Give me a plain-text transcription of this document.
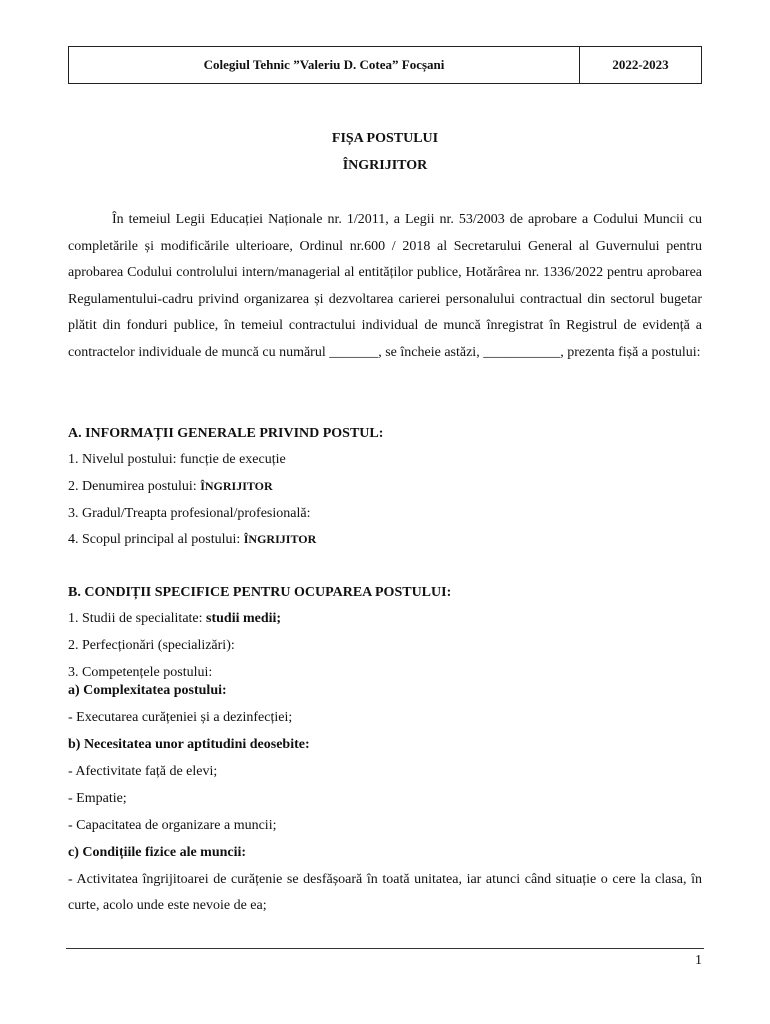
Colegiul Tehnic ”Valeriu D. Cotea” Focșani	2022-2023
FIȘA POSTULUI
ÎNGRIJITOR

În temeiul Legii Educației Naționale nr. 1/2011, a Legii nr. 53/2003 de aprobare a Codului Muncii cu completările și modificările ulterioare, Ordinul nr.600 / 2018 al Secretarului General al Guvernului pentru aprobarea Codului controlului intern/managerial al entităților publice, Hotărârea nr. 1336/2022 pentru aprobarea Regulamentului-cadru privind organizarea și dezvoltarea carierei personalului contractual din sectorul bugetar plătit din fonduri publice, în temeiul contractului individual de muncă înregistrat în Registrul de evidență a contractelor individuale de muncă cu numărul _______, se încheie astăzi, ___________, prezenta fișă a postului:

A. INFORMAȚII GENERALE PRIVIND POSTUL:
1. Nivelul postului: funcție de execuție
2. Denumirea postului: ÎNGRIJITOR
3. Gradul/Treapta profesional/profesională:
4. Scopul principal al postului: ÎNGRIJITOR
B. CONDIȚII SPECIFICE PENTRU OCUPAREA POSTULUI:
1. Studii de specialitate: studii medii;
2. Perfecționări (specializări):
3. Competențele postului:
a) Complexitatea postului:
- Executarea curățeniei și a dezinfecției;
b) Necesitatea unor aptitudini deosebite:
- Afectivitate față de elevi;
- Empatie;
- Capacitatea de organizare a muncii;
c) Condițiile fizice ale muncii:

- Activitatea îngrijitoarei de curățenie se desfășoară în toată unitatea, iar atunci când situație o cere la clasa, în curte, acolo unde este nevoie de ea;

1
